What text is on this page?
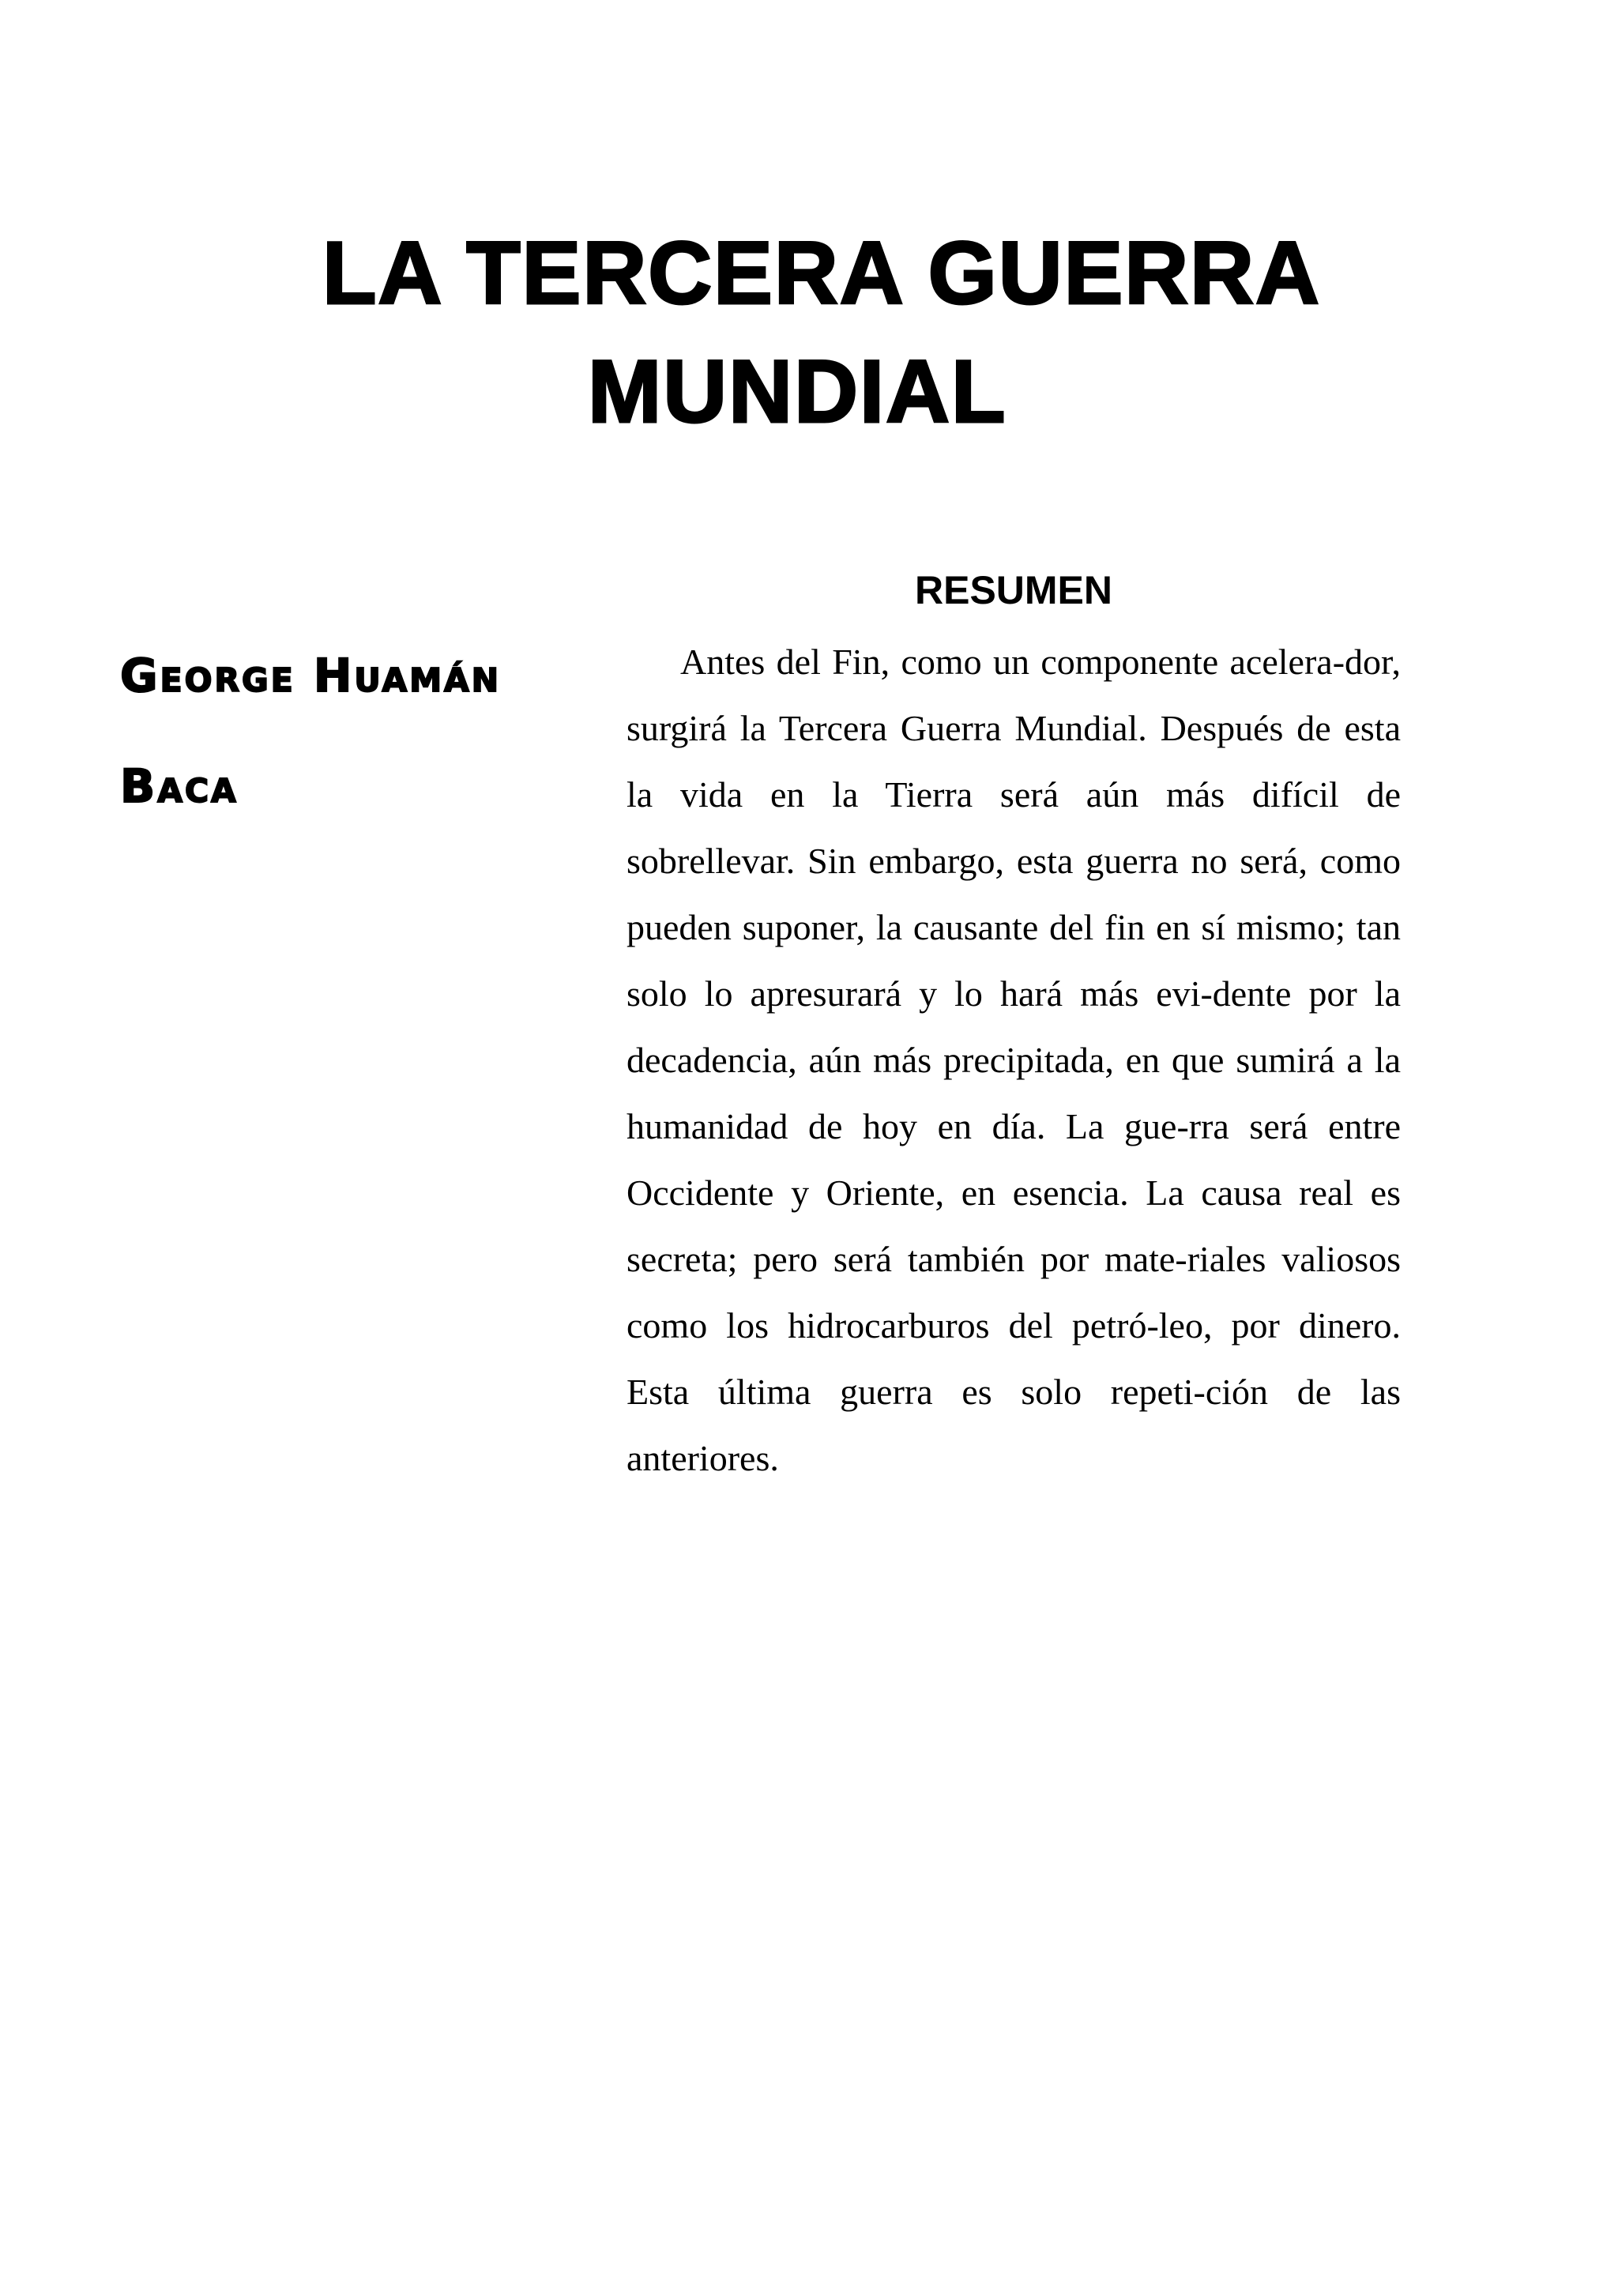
LA TERCERA GUERRA
MUNDIAL
George Huamán
Baca
RESUMEN

Antes del Fin, como un componente acelera-dor, surgirá la Tercera Guerra Mundial. Después de esta la vida en la Tierra será aún más difícil de sobrellevar. Sin embargo, esta guerra no será, como pueden suponer, la causante del fin en sí mismo; tan solo lo apresurará y lo hará más evi-dente por la decadencia, aún más precipitada, en que sumirá a la humanidad de hoy en día. La gue-rra será entre Occidente y Oriente, en esencia. La causa real es secreta; pero será también por mate-riales valiosos como los hidrocarburos del petró-leo, por dinero. Esta última guerra es solo repeti-ción de las anteriores.
